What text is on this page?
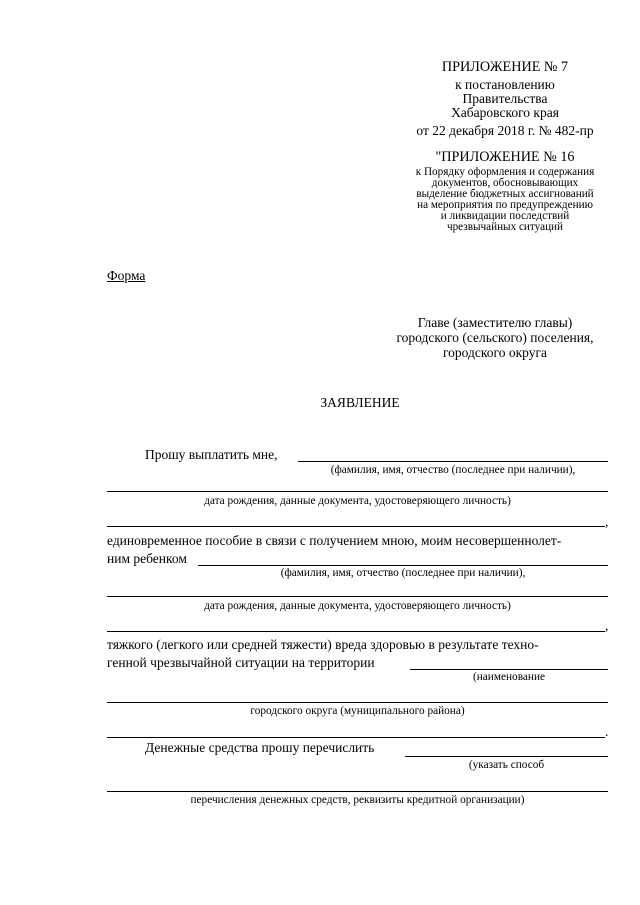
ПРИЛОЖЕНИЕ № 7
к постановлению
Правительства
Хабаровского края
от 22 декабря 2018 г. № 482-пр
"ПРИЛОЖЕНИЕ № 16
к Порядку оформления и содержания
документов, обосновывающих
выделение бюджетных ассигнований
на мероприятия по предупреждению
и ликвидации последствий
чрезвычайных ситуаций
Форма
Главе (заместителю главы)
городского (сельского) поселения,
городского округа
ЗАЯВЛЕНИЕ
Прошу выплатить мне,
(фамилия, имя, отчество (последнее при наличии),
дата рождения, данные документа, удостоверяющего личность)
,
единовременное пособие в связи с получением мною, моим несовершеннолет-
ним ребенком
(фамилия, имя, отчество (последнее при наличии),
дата рождения, данные документа, удостоверяющего личность)
,
тяжкого (легкого или средней тяжести) вреда здоровью в результате техно-
генной чрезвычайной ситуации на территории
(наименование
городского округа (муниципального района)
.
Денежные средства прошу перечислить
(указать способ
перечисления денежных средств, реквизиты кредитной организации)
